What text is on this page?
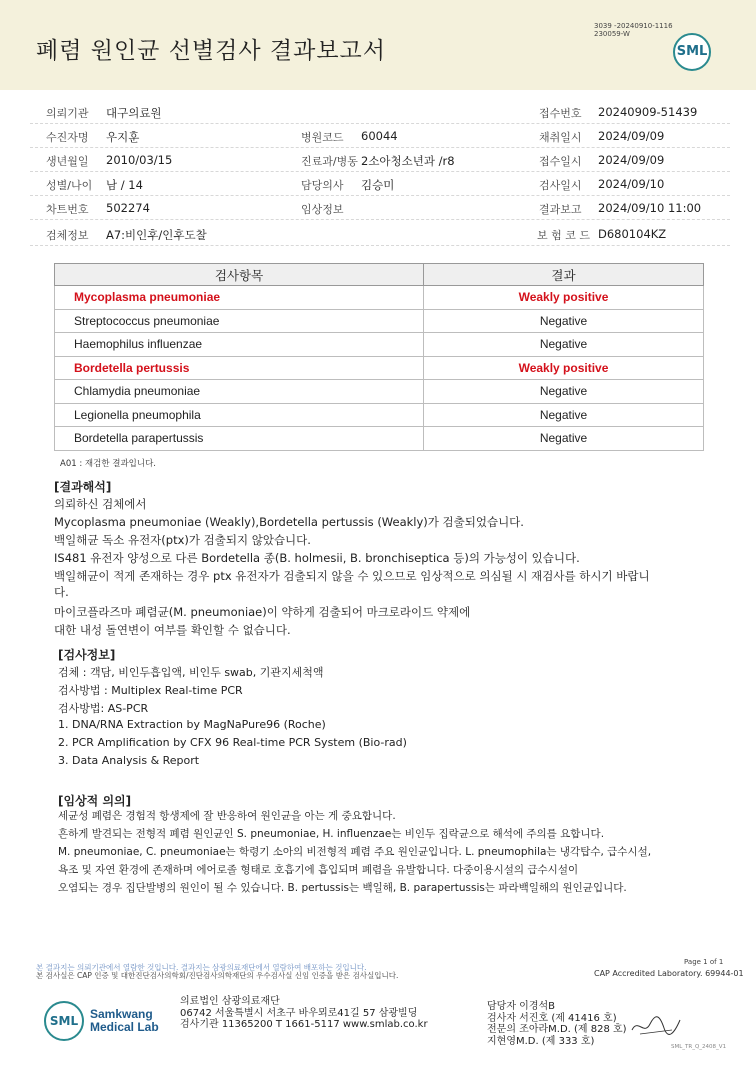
폐렴 원인균 선별검사 결과보고서
3039 -20240910-1116
230059-W
SML
의뢰기관 대구의료원	접수번호 20240909-51439
수진자명 우지훈	병원코드 60044	채취일시 2024/09/09
생년월일 2010/03/15	진료과/병동 2소아청소년과 /r8	접수일시 2024/09/09
성별/나이 남 / 14	담당의사 김승미	검사일시 2024/09/10
차트번호 502274	임상정보	결과보고 2024/09/10 11:00
검체정보 A7:비인후/인후도찰	보 험 코 드 D680104KZ
검사항목	결과
Mycoplasma pneumoniae	Weakly positive
Streptococcus pneumoniae	Negative
Haemophilus influenzae	Negative
Bordetella pertussis	Weakly positive
Chlamydia pneumoniae	Negative
Legionella pneumophila	Negative
Bordetella parapertussis	Negative
A01 : 재검한 결과입니다.
[결과해석]
의뢰하신 검체에서
Mycoplasma pneumoniae (Weakly),Bordetella pertussis (Weakly)가 검출되었습니다.
백일해균 독소 유전자(ptx)가 검출되지 않았습니다.
IS481 유전자 양성으로 다른 Bordetella 종(B. holmesii, B. bronchiseptica 등)의 가능성이 있습니다.
백일해균이 적게 존재하는 경우 ptx 유전자가 검출되지 않을 수 있으므로 임상적으로 의심될 시 재검사를 하시기 바랍니
다.
마이코플라즈마 폐렴균(M. pneumoniae)이 약하게 검출되어 마크로라이드 약제에
대한 내성 돌연변이 여부를 확인할 수 없습니다.
[검사정보]
검체 : 객담, 비인두흡입액, 비인두 swab, 기관지세척액
검사방법 : Multiplex Real-time PCR
검사방법: AS-PCR
1. DNA/RNA Extraction by MagNaPure96 (Roche)
2. PCR Amplification by CFX 96 Real-time PCR System (Bio-rad)
3. Data Analysis & Report
[임상적 의의]
세균성 폐렴은 경험적 항생제에 잘 반응하여 원인균을 아는 게 중요합니다.
흔하게 발견되는 전형적 폐렴 원인균인 S. pneumoniae, H. influenzae는 비인두 집락균으로 해석에 주의를 요합니다.
M. pneumoniae, C. pneumoniae는 학령기 소아의 비전형적 폐렴 주요 원인균입니다. L. pneumophila는 냉각탑수, 급수시설,
욕조 및 자연 환경에 존재하며 에어로졸 형태로 호흡기에 흡입되며 폐렴을 유발합니다. 다중이용시설의 급수시설이
오염되는 경우 집단발병의 원인이 될 수 있습니다. B. pertussis는 백일해, B. parapertussis는 파라백일해의 원인균입니다.
본 결과지는 의뢰기관에서 열람한 것입니다. 결과지는 삼광의료재단에서 열람하여 배포하는 것입니다.
본 검사실은 CAP 인증 및 대한진단검사의학회/진단검사의학재단의 우수검사실 신임 인증을 받은 검사실입니다.
Page 1 of 1
CAP Accredited Laboratory. 69944-01
SML Samkwang
Medical Lab
의료법인 삼광의료재단
06742 서울특별시 서초구 바우뫼로41길 57 삼광빌딩
검사기관 11365200 T 1661-5117 www.smlab.co.kr
담당자 이경석B
검사자 서진호 (제 41416 호)
전문의 조아라M.D. (제 828 호)
지현영M.D. (제 333 호)
SML_TR_Q_2408_V1
